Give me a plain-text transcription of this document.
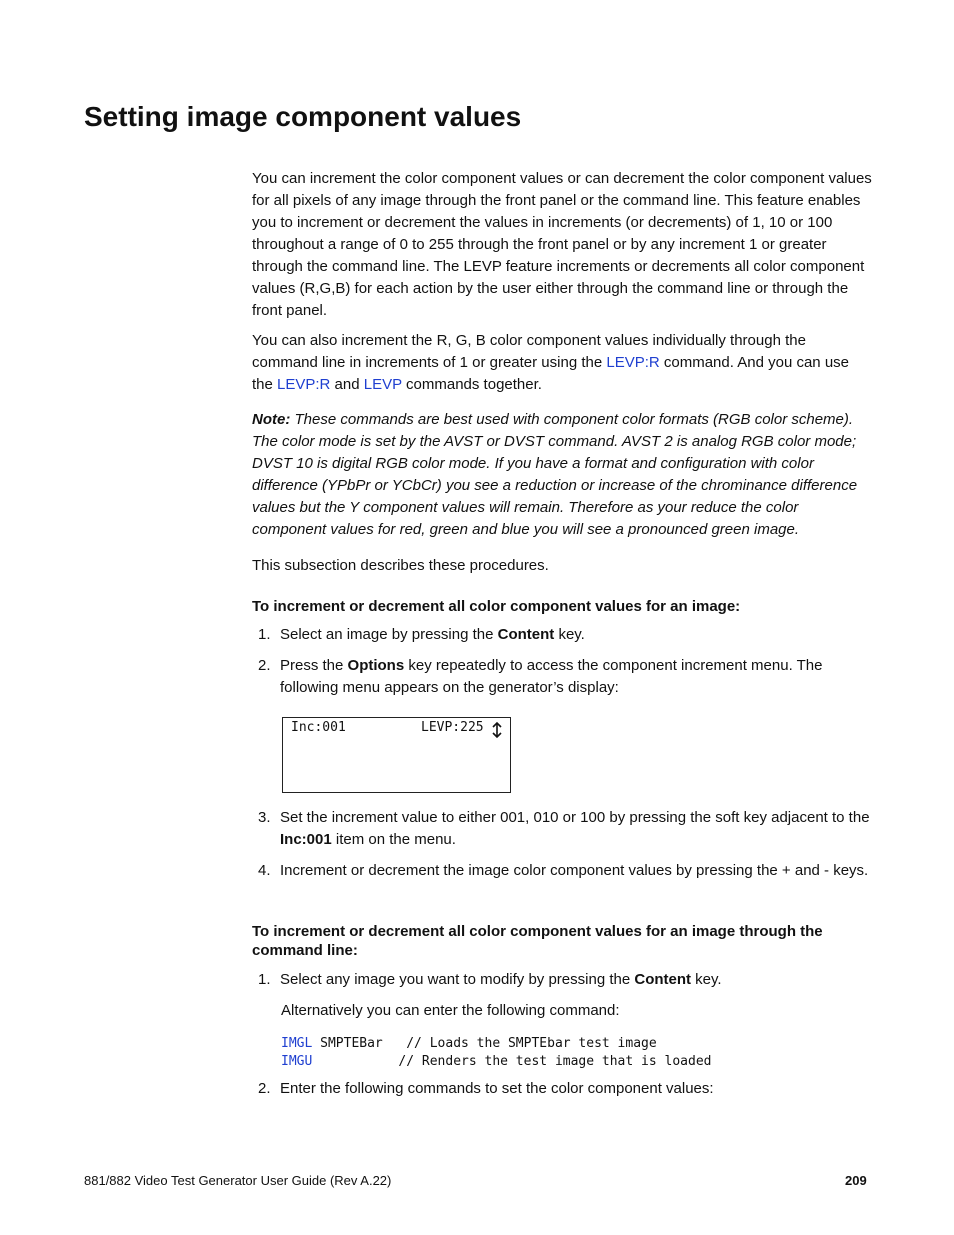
Setting image component values
You can increment the color component values or can decrement the color component values for all pixels of any image through the front panel or the command line. This feature enables you to increment or decrement the values in increments (or decrements) of 1, 10 or 100 throughout a range of 0 to 255 through the front panel or by any increment 1 or greater through the command line. The LEVP feature increments or decrements all color component values (R,G,B) for each action by the user either through the command line or through the front panel.
You can also increment the R, G, B color component values individually through the command line in increments of 1 or greater using the LEVP:R command. And you can use the LEVP:R and LEVP commands together.
Note: These commands are best used with component color formats (RGB color scheme). The color mode is set by the AVST or DVST command. AVST 2 is analog RGB color mode; DVST 10 is digital RGB color mode. If you have a format and configuration with color difference (YPbPr or YCbCr) you see a reduction or increase of the chrominance difference values but the Y component values will remain. Therefore as your reduce the color component values for red, green and blue you will see a pronounced green image.
This subsection describes these procedures.
To increment or decrement all color component values for an image:
1. Select an image by pressing the Content key.
2. Press the Options key repeatedly to access the component increment menu. The following menu appears on the generator’s display:
Inc:001	LEVP:225
3. Set the increment value to either 001, 010 or 100 by pressing the soft key adjacent to the Inc:001 item on the menu.
4. Increment or decrement the image color component values by pressing the + and - keys.
To increment or decrement all color component values for an image through the command line:
1. Select any image you want to modify by pressing the Content key.
Alternatively you can enter the following command:
IMGL SMPTEBar   // Loads the SMPTEbar test image
IMGU           // Renders the test image that is loaded
2. Enter the following commands to set the color component values:
881/882 Video Test Generator User Guide (Rev A.22)	209
